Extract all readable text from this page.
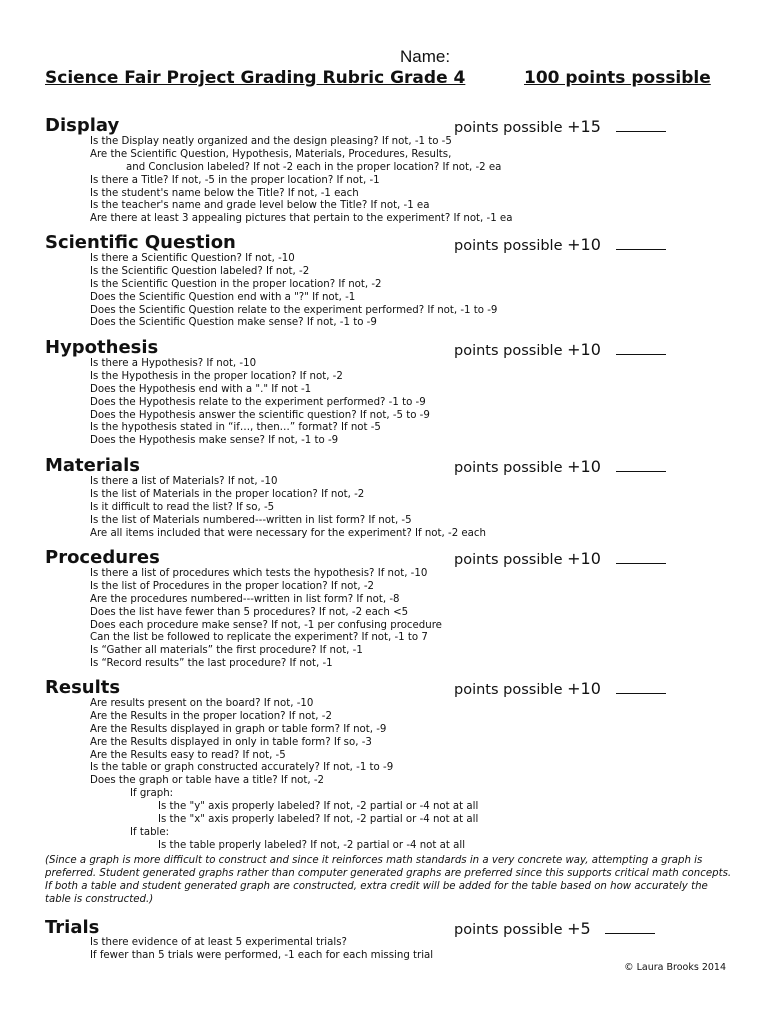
Name:
Science Fair Project Grading Rubric Grade 4	100 points possible
Display	points possible +15
Is the Display neatly organized and the design pleasing? If not, -1 to -5
Are the Scientific Question, Hypothesis, Materials, Procedures, Results,
and Conclusion labeled? If not -2 each in the proper location? If not, -2 ea
Is there a Title? If not, -5 in the proper location? If not, -1
Is the student's name below the Title? If not, -1 each
Is the teacher's name and grade level below the Title? If not, -1 ea
Are there at least 3 appealing pictures that pertain to the experiment? If not, -1 ea
Scientific Question	points possible +10
Is there a Scientific Question? If not, -10
Is the Scientific Question labeled? If not, -2
Is the Scientific Question in the proper location? If not, -2
Does the Scientific Question end with a "?" If not, -1
Does the Scientific Question relate to the experiment performed? If not, -1 to -9
Does the Scientific Question make sense? If not, -1 to -9
Hypothesis	points possible +10
Is there a Hypothesis? If not, -10
Is the Hypothesis in the proper location? If not, -2
Does the Hypothesis end with a "." If not -1
Does the Hypothesis relate to the experiment performed? -1 to -9
Does the Hypothesis answer the scientific question? If not, -5 to -9
Is the hypothesis stated in “if…, then…” format? If not -5
Does the Hypothesis make sense? If not, -1 to -9
Materials	points possible +10
Is there a list of Materials? If not, -10
Is the list of Materials in the proper location? If not, -2
Is it difficult to read the list? If so, -5
Is the list of Materials numbered---written in list form? If not, -5
Are all items included that were necessary for the experiment? If not, -2 each
Procedures	points possible +10
Is there a list of procedures which tests the hypothesis? If not, -10
Is the list of Procedures in the proper location? If not, -2
Are the procedures numbered---written in list form? If not, -8
Does the list have fewer than 5 procedures? If not, -2 each <5
Does each procedure make sense? If not, -1 per confusing procedure
Can the list be followed to replicate the experiment? If not, -1 to 7
Is “Gather all materials” the first procedure? If not, -1
Is “Record results” the last procedure? If not, -1
Results	points possible +10
Are results present on the board? If not, -10
Are the Results in the proper location? If not, -2
Are the Results displayed in graph or table form? If not, -9
Are the Results displayed in only in table form? If so, -3
Are the Results easy to read? If not, -5
Is the table or graph constructed accurately? If not, -1 to -9
Does the graph or table have a title? If not, -2
If graph:
Is the "y" axis properly labeled? If not, -2 partial or -4 not at all
Is the "x" axis properly labeled? If not, -2 partial or -4 not at all
If table:
Is the table properly labeled? If not, -2 partial or -4 not at all
(Since a graph is more difficult to construct and since it reinforces math standards in a very concrete way, attempting a graph is preferred. Student generated graphs rather than computer generated graphs are preferred since this supports critical math concepts. If both a table and student generated graph are constructed, extra credit will be added for the table based on how accurately the table is constructed.)
Trials	points possible +5
Is there evidence of at least 5 experimental trials?
If fewer than 5 trials were performed, -1 each for each missing trial
© Laura Brooks 2014
